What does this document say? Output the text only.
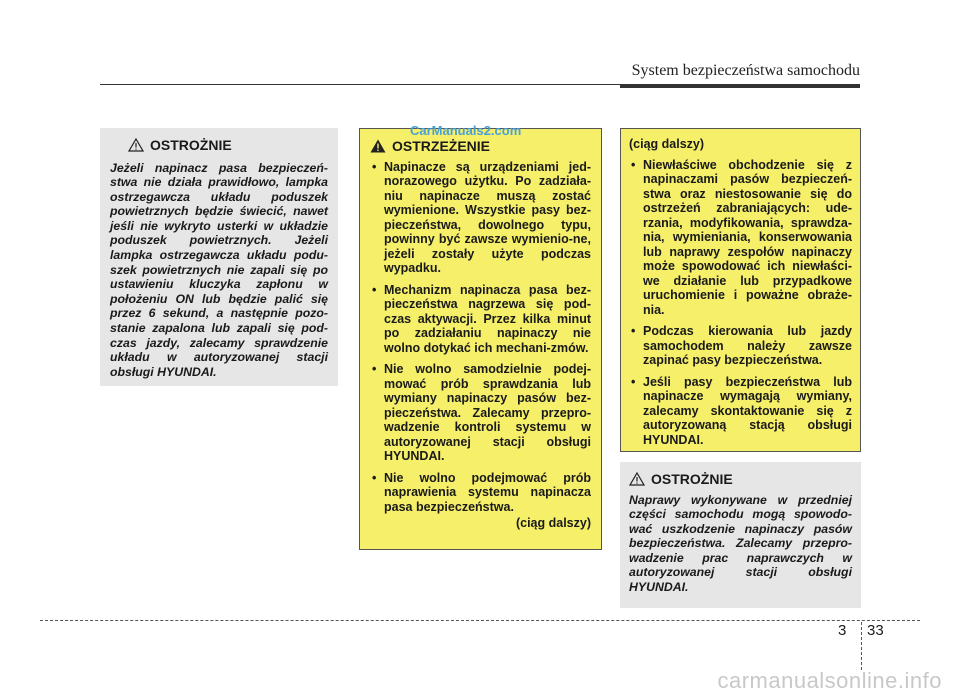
System bezpieczeństwa samochodu
OSTROŻNIE
Jeżeli napinacz pasa bezpieczeń-stwa nie działa prawidłowo, lampka ostrzegawcza układu poduszek powietrznych będzie świecić, nawet jeśli nie wykryto usterki w układzie poduszek powietrznych. Jeżeli lampka ostrzegawcza układu podu-szek powietrznych nie zapali się po ustawieniu kluczyka zapłonu w położeniu ON lub będzie palić się przez 6 sekund, a następnie pozo-stanie zapalona lub zapali się pod-czas jazdy, zalecamy sprawdzenie układu w autoryzowanej stacji obsługi HYUNDAI.
OSTRZEŻENIE
• Napinacze są urządzeniami jed-norazowego użytku. Po zadziała-niu napinacze muszą zostać wymienione. Wszystkie pasy bez-pieczeństwa, dowolnego typu, powinny być zawsze wymienio-ne, jeżeli zostały użyte podczas wypadku.
• Mechanizm napinacza pasa bez-pieczeństwa nagrzewa się pod-czas aktywacji. Przez kilka minut po zadziałaniu napinaczy nie wolno dotykać ich mechani-zmów.
• Nie wolno samodzielnie podej-mować prób sprawdzania lub wymiany napinaczy pasów bez-pieczeństwa. Zalecamy przepro-wadzenie kontroli systemu w autoryzowanej stacji obsługi HYUNDAI.
• Nie wolno podejmować prób naprawienia systemu napinacza pasa bezpieczeństwa.
(ciąg dalszy)
CarManuals2.com
(ciąg dalszy)
• Niewłaściwe obchodzenie się z napinaczami pasów bezpieczeń-stwa oraz niestosowanie się do ostrzeżeń zabraniających: ude-rzania, modyfikowania, sprawdza-nia, wymieniania, konserwowania lub naprawy zespołów napinaczy może spowodować ich niewłaści-we działanie lub przypadkowe uruchomienie i poważne obraże-nia.
• Podczas kierowania lub jazdy samochodem należy zawsze zapinać pasy bezpieczeństwa.
• Jeśli pasy bezpieczeństwa lub napinacze wymagają wymiany, zalecamy skontaktowanie się z autoryzowaną stacją obsługi HYUNDAI.
OSTROŻNIE
Naprawy wykonywane w przedniej części samochodu mogą spowodo-wać uszkodzenie napinaczy pasów bezpieczeństwa. Zalecamy przepro-wadzenie prac naprawczych w autoryzowanej stacji obsługi HYUNDAI.
3 33
carmanualsonline.info
